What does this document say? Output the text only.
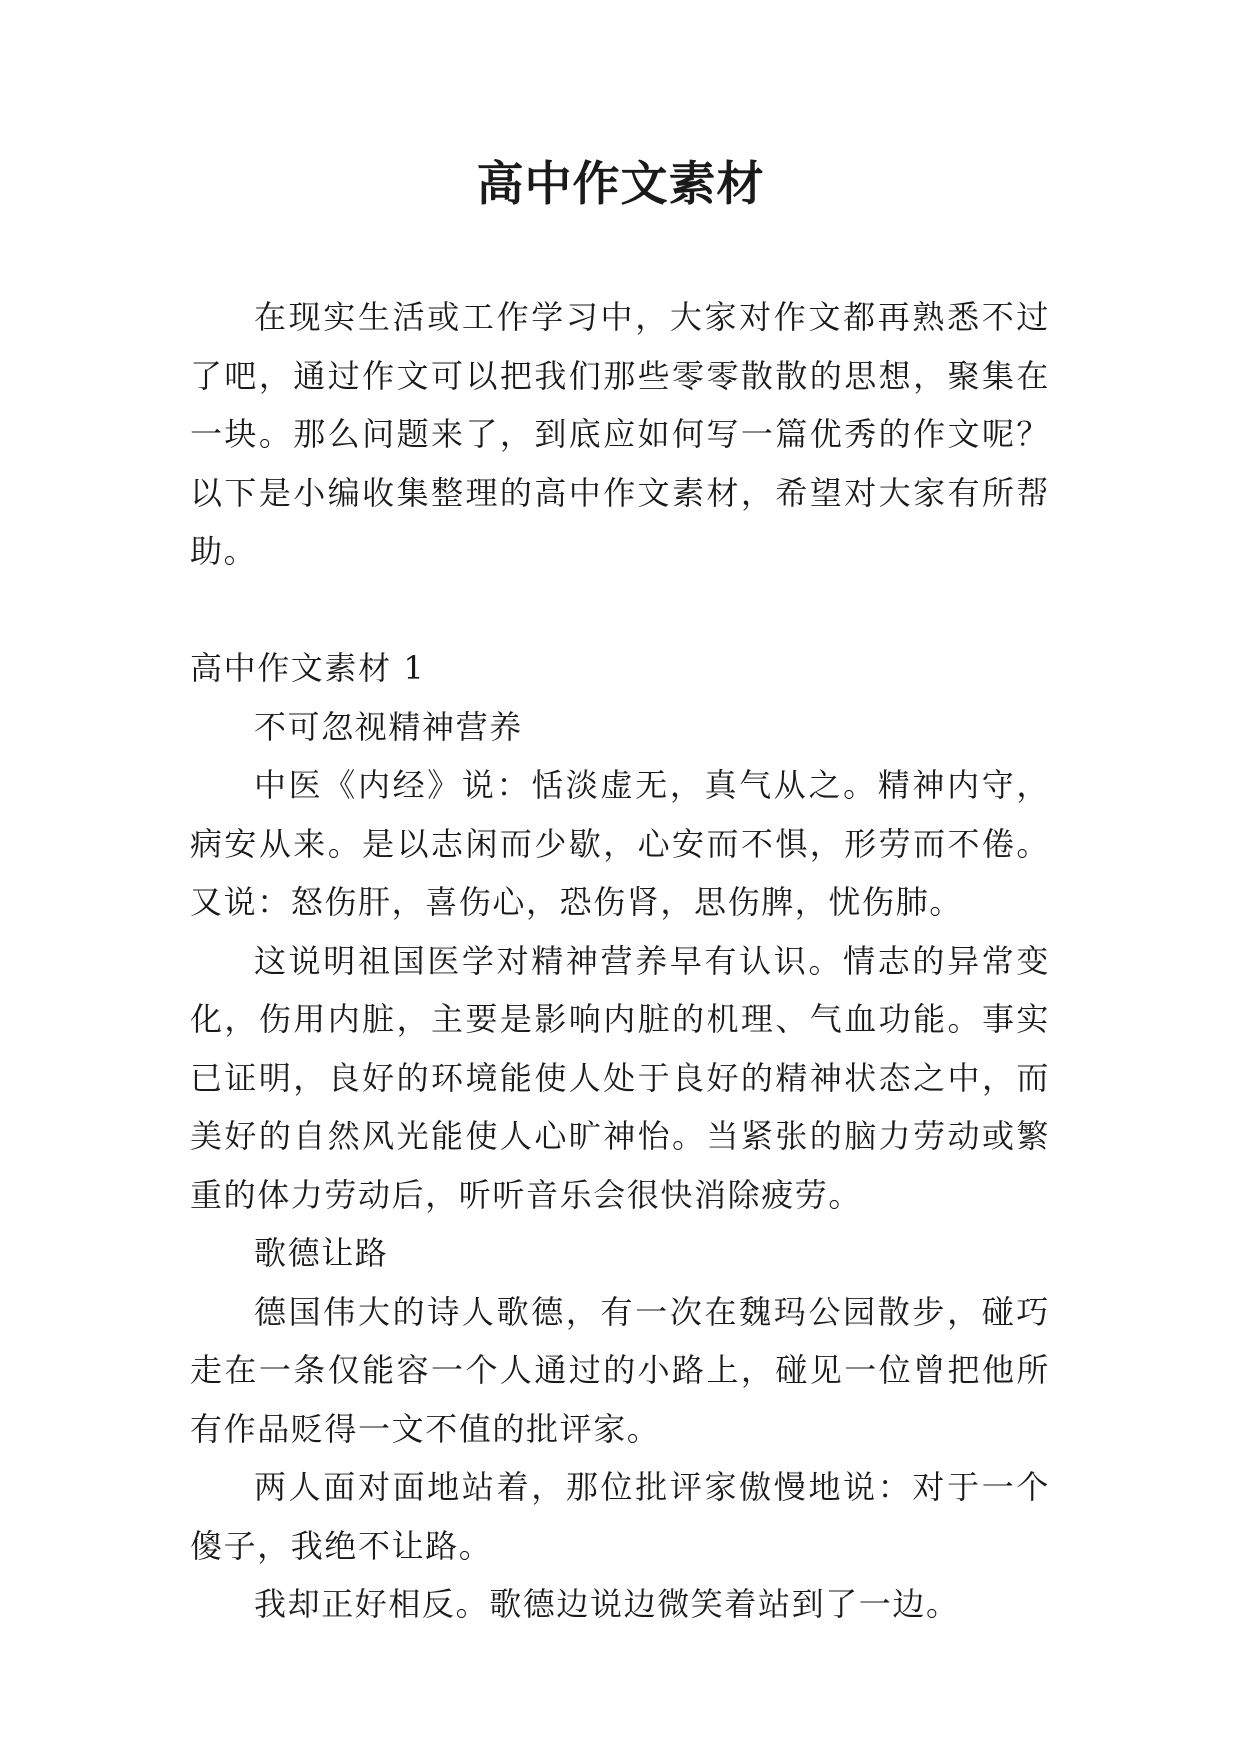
高中作文素材

在现实生活或工作学习中，大家对作文都再熟悉不过了吧，通过作文可以把我们那些零零散散的思想，聚集在一块。那么问题来了，到底应如何写一篇优秀的作文呢？以下是小编收集整理的高中作文素材，希望对大家有所帮助。

高中作文素材 1

不可忽视精神营养

中医《内经》说：恬淡虚无，真气从之。精神内守，病安从来。是以志闲而少歇，心安而不惧，形劳而不倦。又说：怒伤肝，喜伤心，恐伤肾，思伤脾，忧伤肺。

这说明祖国医学对精神营养早有认识。情志的异常变化，伤用内脏，主要是影响内脏的机理、气血功能。事实已证明，良好的环境能使人处于良好的精神状态之中，而美好的自然风光能使人心旷神怡。当紧张的脑力劳动或繁重的体力劳动后，听听音乐会很快消除疲劳。

歌德让路

德国伟大的诗人歌德，有一次在魏玛公园散步，碰巧走在一条仅能容一个人通过的小路上，碰见一位曾把他所有作品贬得一文不值的批评家。

两人面对面地站着，那位批评家傲慢地说：对于一个傻子，我绝不让路。

我却正好相反。歌德边说边微笑着站到了一边。
